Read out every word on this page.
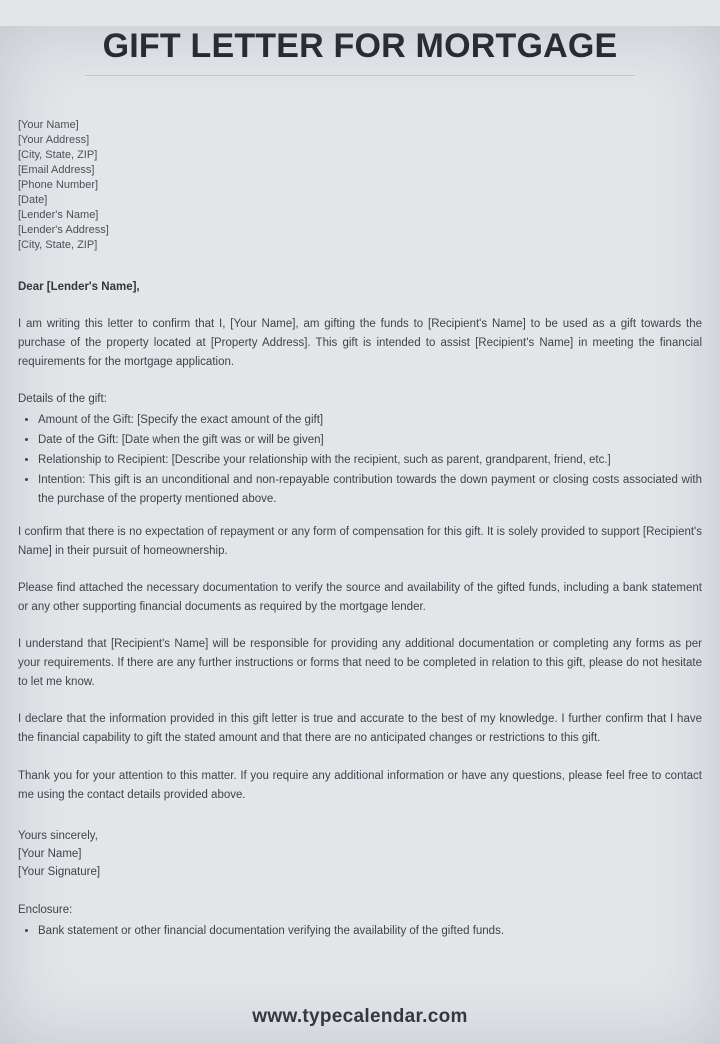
GIFT LETTER FOR MORTGAGE
[Your Name]
[Your Address]
[City, State, ZIP]
[Email Address]
[Phone Number]
[Date]
[Lender's Name]
[Lender's Address]
[City, State, ZIP]
Dear [Lender's Name],

I am writing this letter to confirm that I, [Your Name], am gifting the funds to [Recipient's Name] to be used as a gift towards the purchase of the property located at [Property Address]. This gift is intended to assist [Recipient's Name] in meeting the financial requirements for the mortgage application.

Details of the gift:
• Amount of the Gift: [Specify the exact amount of the gift]
• Date of the Gift: [Date when the gift was or will be given]
• Relationship to Recipient: [Describe your relationship with the recipient, such as parent, grandparent, friend, etc.]
• Intention: This gift is an unconditional and non-repayable contribution towards the down payment or closing costs associated with the purchase of the property mentioned above.

I confirm that there is no expectation of repayment or any form of compensation for this gift. It is solely provided to support [Recipient's Name] in their pursuit of homeownership.

Please find attached the necessary documentation to verify the source and availability of the gifted funds, including a bank statement or any other supporting financial documents as required by the mortgage lender.

I understand that [Recipient's Name] will be responsible for providing any additional documentation or completing any forms as per your requirements. If there are any further instructions or forms that need to be completed in relation to this gift, please do not hesitate to let me know.

I declare that the information provided in this gift letter is true and accurate to the best of my knowledge. I further confirm that I have the financial capability to gift the stated amount and that there are no anticipated changes or restrictions to this gift.

Thank you for your attention to this matter. If you require any additional information or have any questions, please feel free to contact me using the contact details provided above.

Yours sincerely,
[Your Name]
[Your Signature]
Enclosure:
• Bank statement or other financial documentation verifying the availability of the gifted funds.
www.typecalendar.com
